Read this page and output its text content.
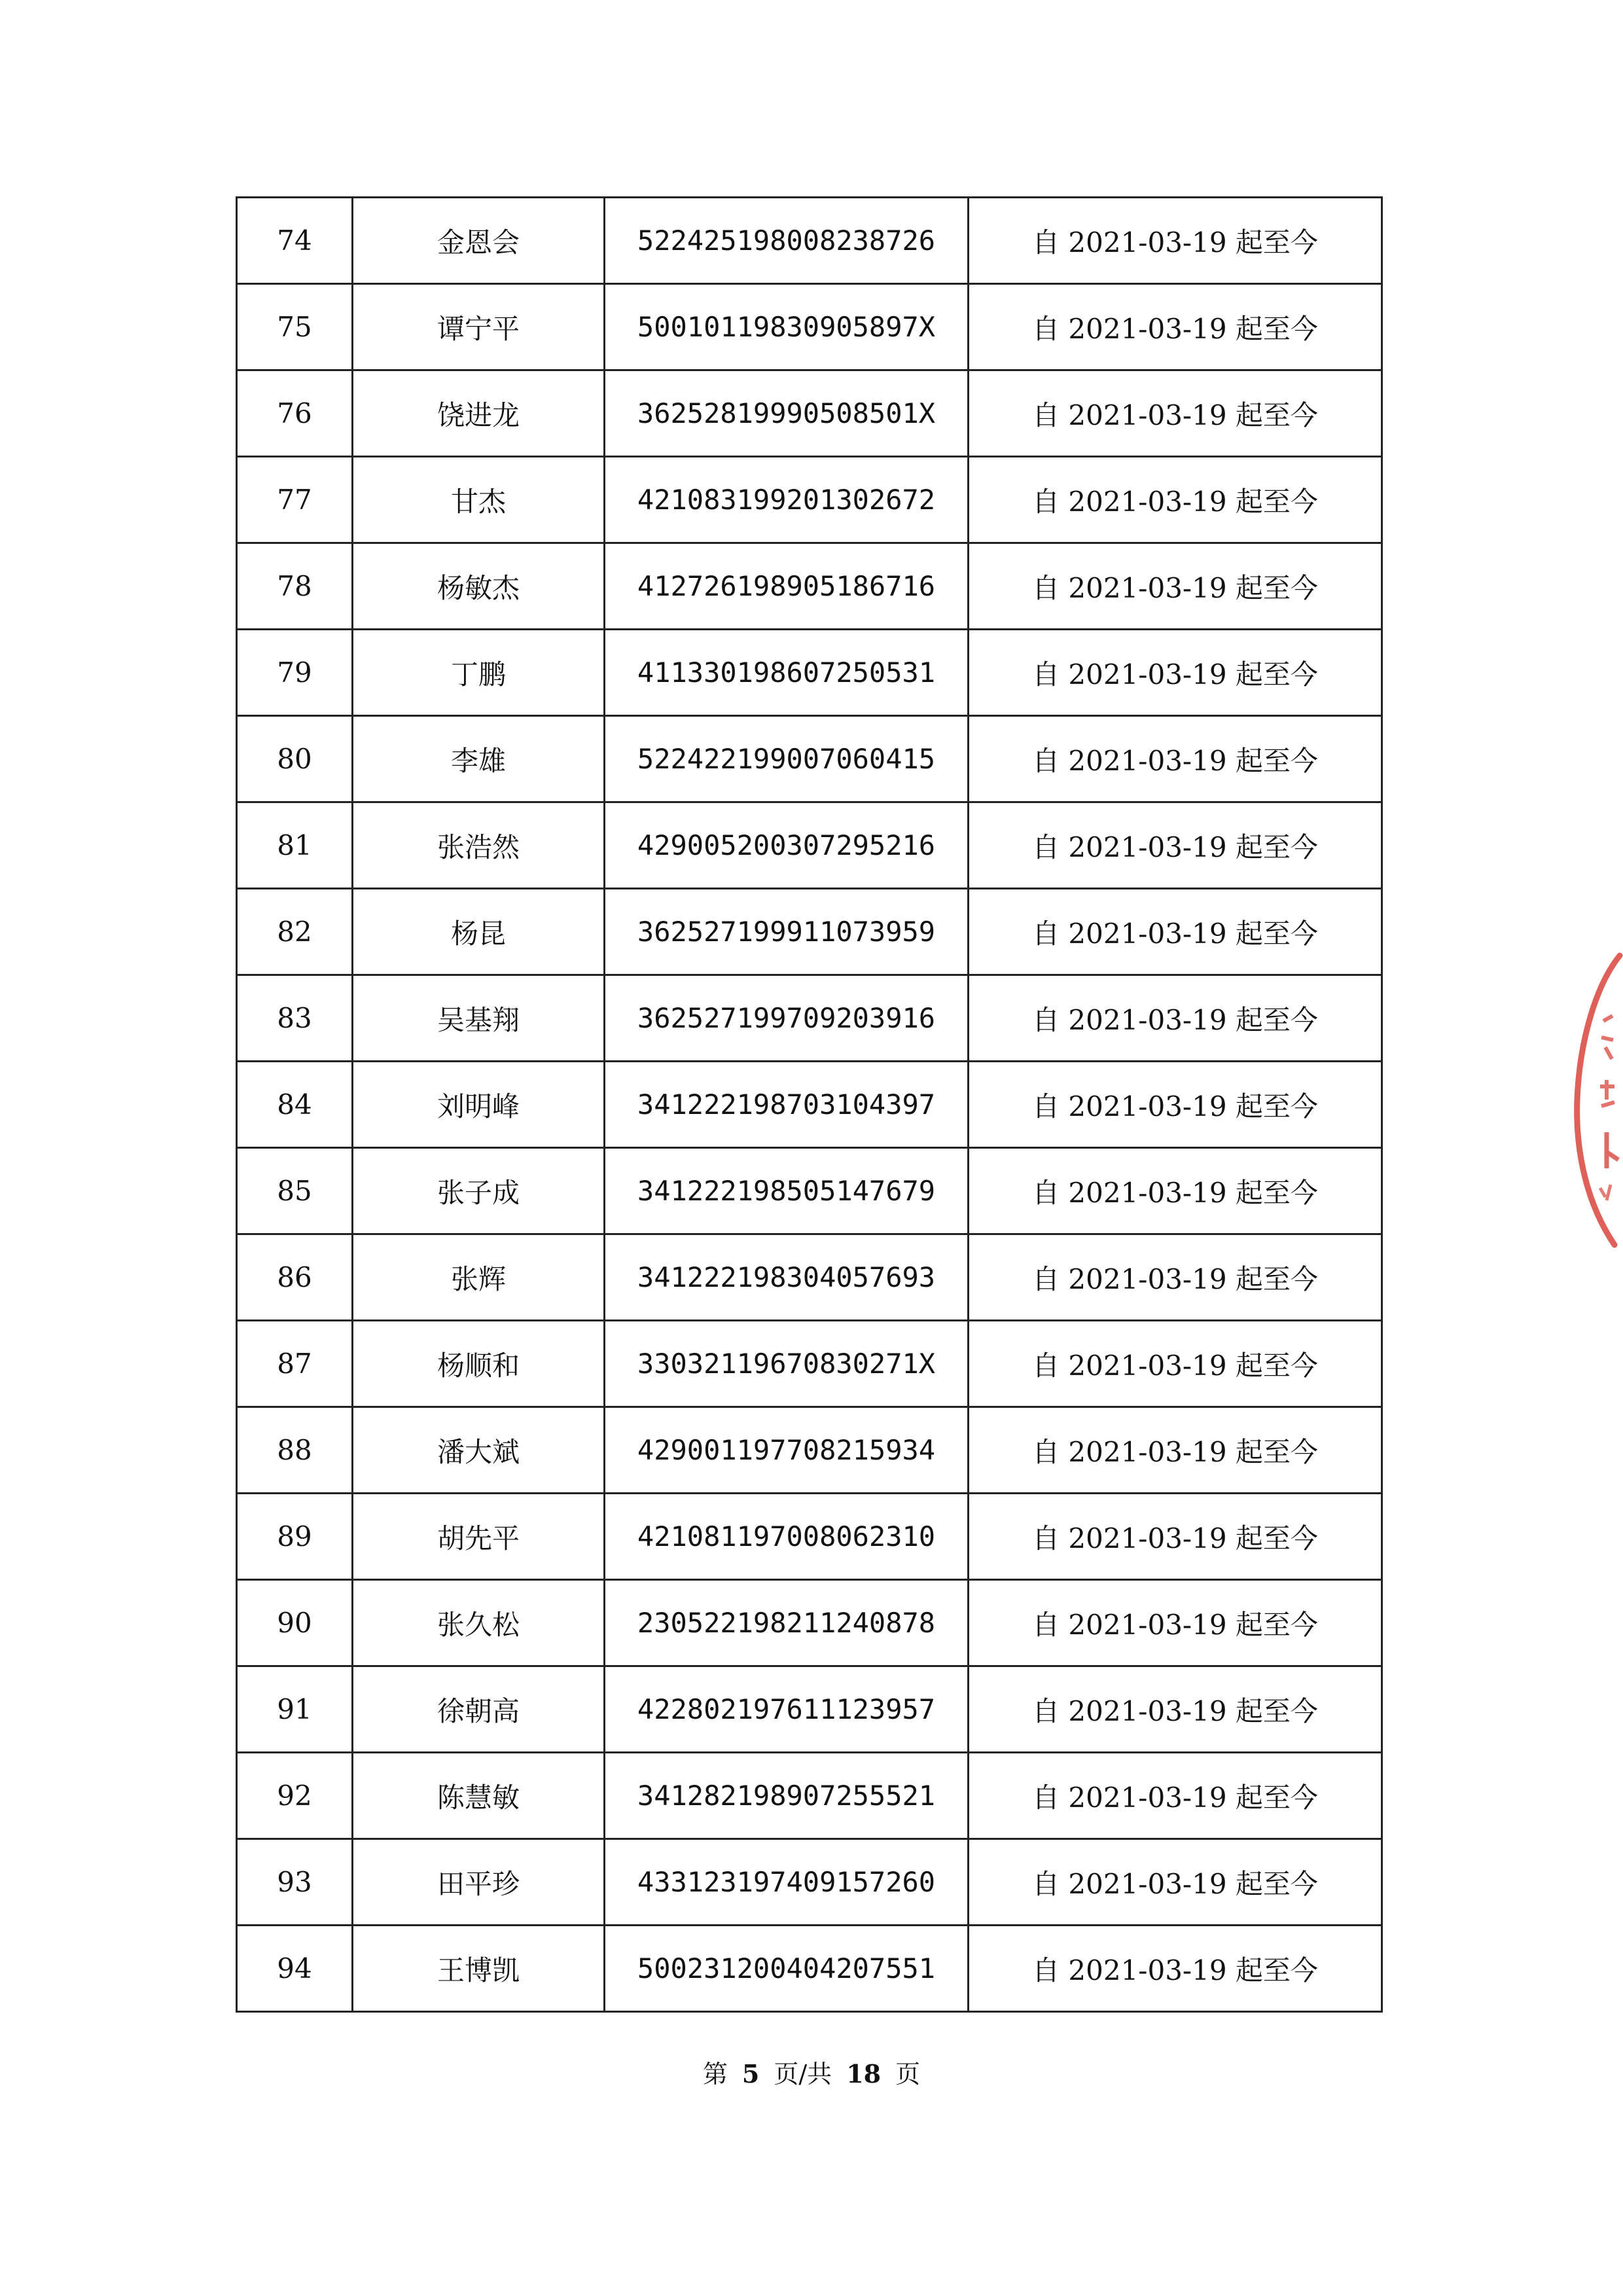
74	金恩会	522425198008238726	自 2021-03-19 起至今
75	谭宁平	50010119830905897X	自 2021-03-19 起至今
76	饶进龙	36252819990508501X	自 2021-03-19 起至今
77	甘杰	421083199201302672	自 2021-03-19 起至今
78	杨敏杰	412726198905186716	自 2021-03-19 起至今
79	丁鹏	411330198607250531	自 2021-03-19 起至今
80	李雄	522422199007060415	自 2021-03-19 起至今
81	张浩然	429005200307295216	自 2021-03-19 起至今
82	杨昆	362527199911073959	自 2021-03-19 起至今
83	吴基翔	362527199709203916	自 2021-03-19 起至今
84	刘明峰	341222198703104397	自 2021-03-19 起至今
85	张子成	341222198505147679	自 2021-03-19 起至今
86	张辉	341222198304057693	自 2021-03-19 起至今
87	杨顺和	33032119670830271X	自 2021-03-19 起至今
88	潘大斌	429001197708215934	自 2021-03-19 起至今
89	胡先平	421081197008062310	自 2021-03-19 起至今
90	张久松	230522198211240878	自 2021-03-19 起至今
91	徐朝高	422802197611123957	自 2021-03-19 起至今
92	陈慧敏	341282198907255521	自 2021-03-19 起至今
93	田平珍	433123197409157260	自 2021-03-19 起至今
94	王博凯	500231200404207551	自 2021-03-19 起至今
第 5 页/共 18 页
